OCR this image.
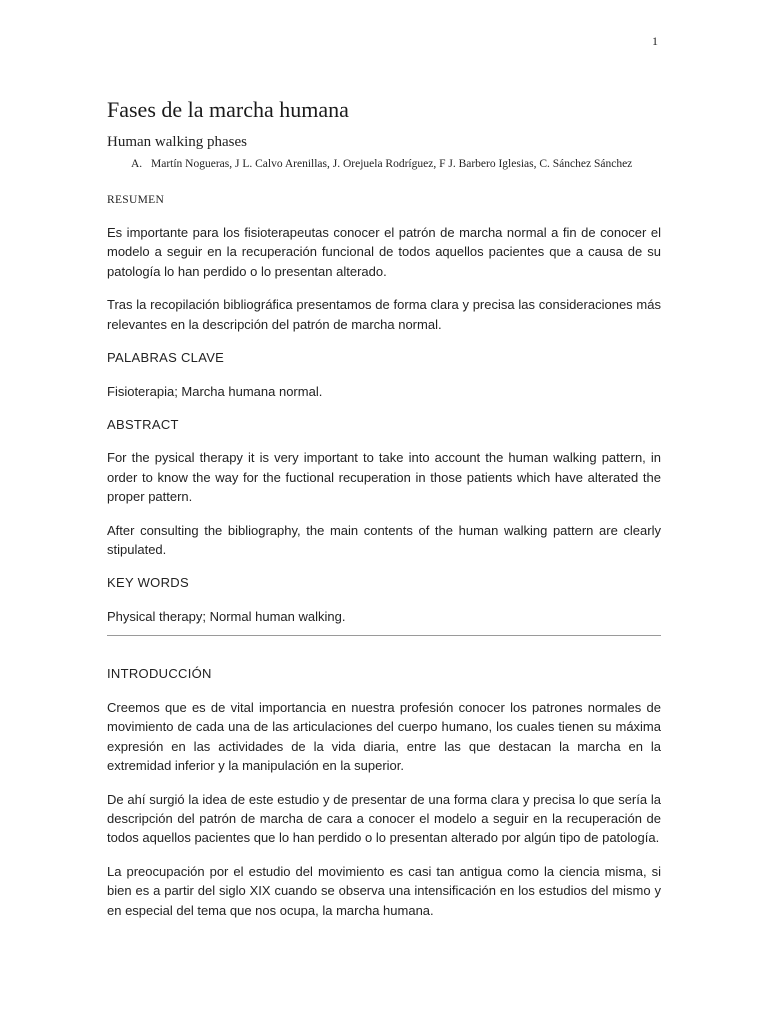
1
Fases de la marcha humana
Human walking phases
A. Martín Nogueras, J L. Calvo Arenillas, J. Orejuela Rodríguez, F J. Barbero Iglesias, C. Sánchez Sánchez
RESUMEN

Es importante para los fisioterapeutas conocer el patrón de marcha normal a fin de conocer el modelo a seguir en la recuperación funcional de todos aquellos pacientes que a causa de su patología lo han perdido o lo presentan alterado.

Tras la recopilación bibliográfica presentamos de forma clara y precisa las consideraciones más relevantes en la descripción del patrón de marcha normal.

PALABRAS CLAVE

Fisioterapia; Marcha humana normal.

ABSTRACT

For the pysical therapy it is very important to take into account the human walking pattern, in order to know the way for the fuctional recuperation in those patients which have alterated the proper pattern.

After consulting the bibliography, the main contents of the human walking pattern are clearly stipulated.

KEY WORDS

Physical therapy; Normal human walking.

INTRODUCCIÓN

Creemos que es de vital importancia en nuestra profesión conocer los patrones normales de movimiento de cada una de las articulaciones del cuerpo humano, los cuales tienen su máxima expresión en las actividades de la vida diaria, entre las que destacan la marcha en la extremidad inferior y la manipulación en la superior.

De ahí surgió la idea de este estudio y de presentar de una forma clara y precisa lo que sería la descripción del patrón de marcha de cara a conocer el modelo a seguir en la recuperación de todos aquellos pacientes que lo han perdido o lo presentan alterado por algún tipo de patología.

La preocupación por el estudio del movimiento es casi tan antigua como la ciencia misma, si bien es a partir del siglo XIX cuando se observa una intensificación en los estudios del mismo y en especial del tema que nos ocupa, la marcha humana.
